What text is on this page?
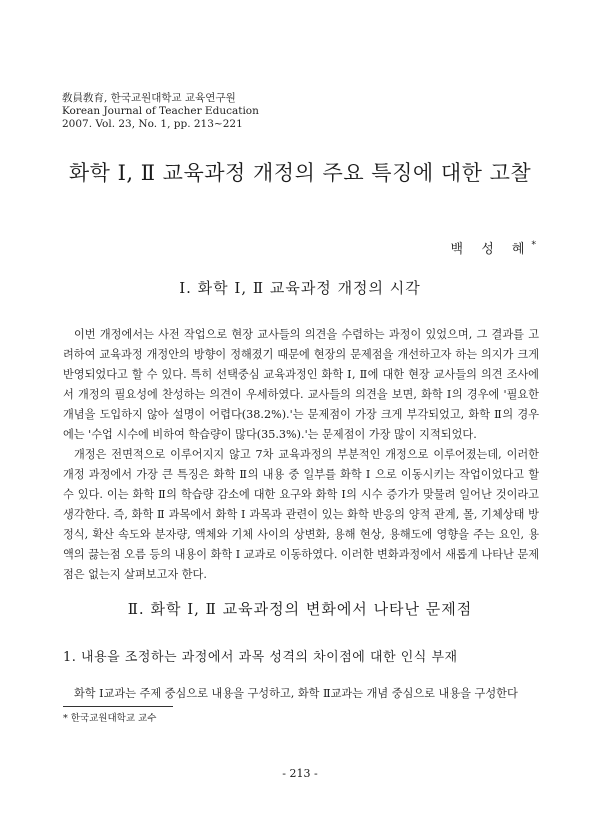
敎員敎育, 한국교원대학교 교육연구원
Korean Journal of Teacher Education
2007. Vol. 23, No. 1, pp. 213~221
화학 Ⅰ, Ⅱ 교육과정 개정의 주요 특징에 대한 고찰
백 성 혜*
Ⅰ. 화학 Ⅰ, Ⅱ 교육과정 개정의 시각

이번 개정에서는 사전 작업으로 현장 교사들의 의견을 수렴하는 과정이 있었으며, 그 결과를 고려하여 교육과정 개정안의 방향이 정해졌기 때문에 현장의 문제점을 개선하고자 하는 의지가 크게 반영되었다고 할 수 있다. 특히 선택중심 교육과정인 화학 Ⅰ, Ⅱ에 대한 현장 교사들의 의견 조사에서 개정의 필요성에 찬성하는 의견이 우세하였다. 교사들의 의견을 보면, 화학 Ⅰ의 경우에 '필요한 개념을 도입하지 않아 설명이 어렵다(38.2%).'는 문제점이 가장 크게 부각되었고, 화학 Ⅱ의 경우에는 '수업 시수에 비하여 학습량이 많다(35.3%).'는 문제점이 가장 많이 지적되었다.

개정은 전면적으로 이루어지지 않고 7차 교육과정의 부분적인 개정으로 이루어졌는데, 이러한 개정 과정에서 가장 큰 특징은 화학 Ⅱ의 내용 중 일부를 화학 Ⅰ 으로 이동시키는 작업이었다고 할 수 있다. 이는 화학 Ⅱ의 학습량 감소에 대한 요구와 화학 Ⅰ의 시수 증가가 맞물려 일어난 것이라고 생각한다. 즉, 화학 Ⅱ 과목에서 화학 Ⅰ 과목과 관련이 있는 화학 반응의 양적 관계, 몰, 기체상태 방정식, 확산 속도와 분자량, 액체와 기체 사이의 상변화, 용해 현상, 용해도에 영향을 주는 요인, 용액의 끓는점 오름 등의 내용이 화학 Ⅰ 교과로 이동하였다. 이러한 변화과정에서 새롭게 나타난 문제점은 없는지 살펴보고자 한다.

Ⅱ. 화학 Ⅰ, Ⅱ 교육과정의 변화에서 나타난 문제점
1. 내용을 조정하는 과정에서 과목 성격의 차이점에 대한 인식 부재
화학 Ⅰ교과는 주제 중심으로 내용을 구성하고, 화학 Ⅱ교과는 개념 중심으로 내용을 구성한다
* 한국교원대학교 교수
- 213 -
